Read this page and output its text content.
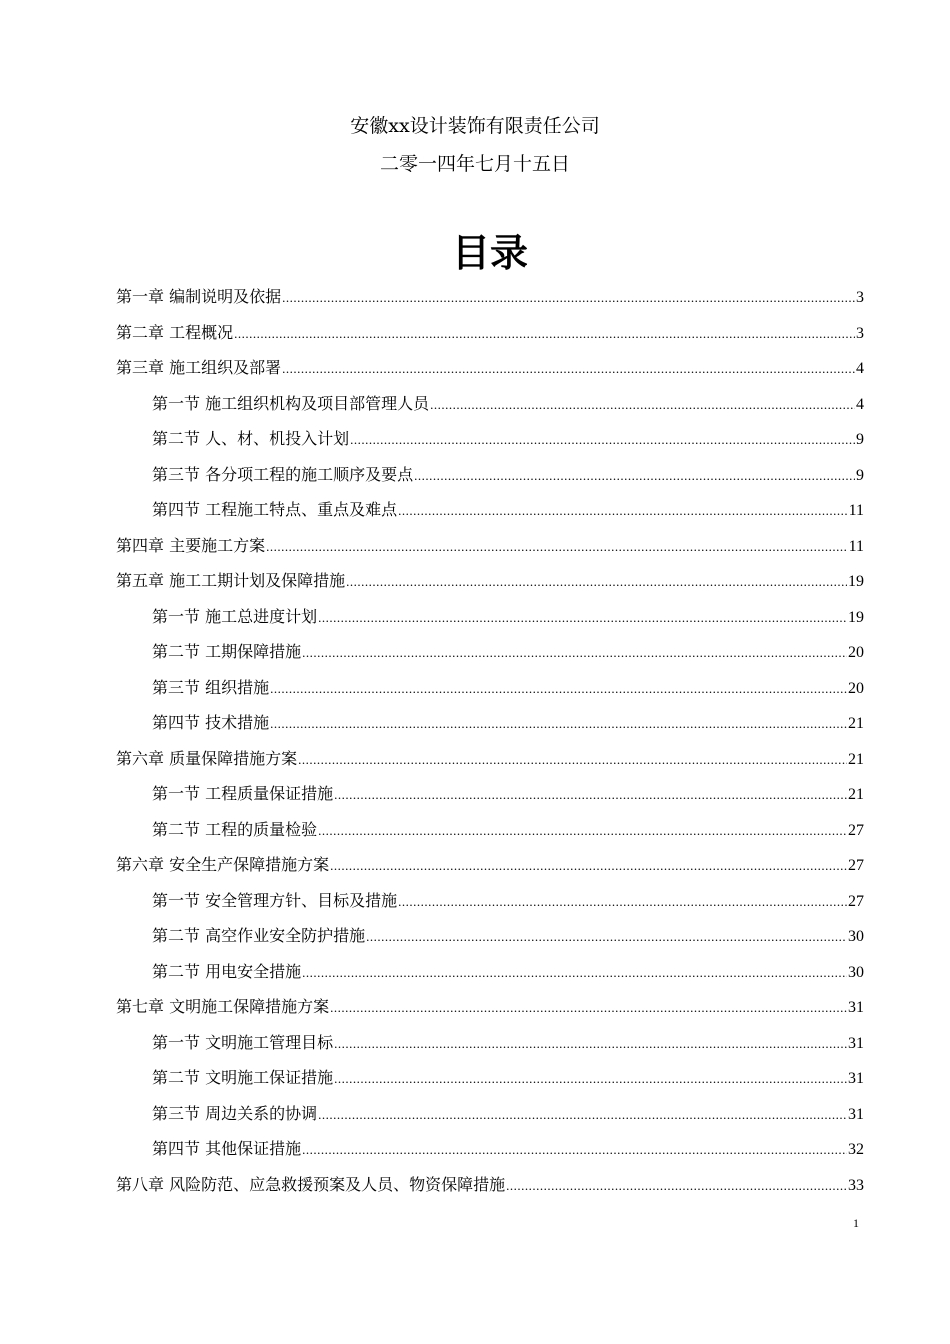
安徽xx设计装饰有限责任公司
二零一四年七月十五日
目录
第一章 编制说明及依据 .....	3
第二章 工程概况 .....	3
第三章 施工组织及部署 .....	4
第一节 施工组织机构及项目部管理人员 .....	4
第二节 人、材、机投入计划 .....	9
第三节 各分项工程的施工顺序及要点 .....	9
第四节 工程施工特点、重点及难点 .....	11
第四章 主要施工方案 .....	11
第五章 施工工期计划及保障措施 .....	19
第一节 施工总进度计划 .....	19
第二节 工期保障措施 .....	20
第三节 组织措施 .....	20
第四节 技术措施 .....	21
第六章 质量保障措施方案 .....	21
第一节 工程质量保证措施 .....	21
第二节 工程的质量检验 .....	27
第六章 安全生产保障措施方案 .....	27
第一节 安全管理方针、目标及措施 .....	27
第二节 高空作业安全防护措施 .....	30
第二节 用电安全措施 .....	30
第七章 文明施工保障措施方案 .....	31
第一节 文明施工管理目标 .....	31
第二节 文明施工保证措施 .....	31
第三节 周边关系的协调 .....	31
第四节 其他保证措施 .....	32
第八章 风险防范、应急救援预案及人员、物资保障措施 .....	33
1
